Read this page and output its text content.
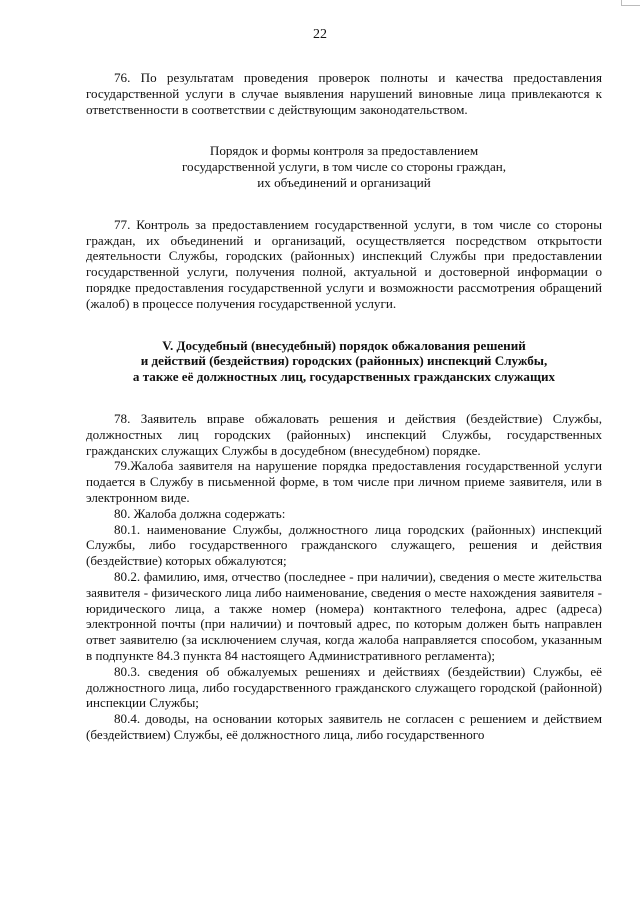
22

76. По результатам проведения проверок полноты и качества предоставления государственной услуги в случае выявления нарушений виновные лица привлекаются к ответственности в соответствии с действующим законодательством.

Порядок и формы контроля за предоставлением
государственной услуги, в том числе со стороны граждан,
их объединений и организаций

77. Контроль за предоставлением государственной услуги, в том числе со стороны граждан, их объединений и организаций, осуществляется посредством открытости деятельности Службы, городских (районных) инспекций Службы при предоставлении государственной услуги, получения полной, актуальной и достоверной информации о порядке предоставления государственной услуги и возможности рассмотрения обращений (жалоб) в процессе получения государственной услуги.

V. Досудебный (внесудебный) порядок обжалования решений
и действий (бездействия) городских (районных) инспекций Службы,
а также её должностных лиц, государственных гражданских служащих

78. Заявитель вправе обжаловать решения и действия (бездействие) Службы, должностных лиц городских (районных) инспекций Службы, государственных гражданских служащих Службы в досудебном (внесудебном) порядке.

79.Жалоба заявителя на нарушение порядка предоставления государственной услуги подается в Службу в письменной форме, в том числе при личном приеме заявителя, или в электронном виде.

80. Жалоба должна содержать:

80.1. наименование Службы, должностного лица городских (районных) инспекций Службы, либо государственного гражданского служащего, решения и действия (бездействие) которых обжалуются;

80.2. фамилию, имя, отчество (последнее - при наличии), сведения о месте жительства заявителя - физического лица либо наименование, сведения о месте нахождения заявителя - юридического лица, а также номер (номера) контактного телефона, адрес (адреса) электронной почты (при наличии) и почтовый адрес, по которым должен быть направлен ответ заявителю (за исключением случая, когда жалоба направляется способом, указанным в подпункте 84.3 пункта 84 настоящего Административного регламента);

80.3. сведения об обжалуемых решениях и действиях (бездействии) Службы, её должностного лица, либо государственного гражданского служащего городской (районной) инспекции Службы;

80.4. доводы, на основании которых заявитель не согласен с решением и действием (бездействием) Службы, её должностного лица, либо государственного
